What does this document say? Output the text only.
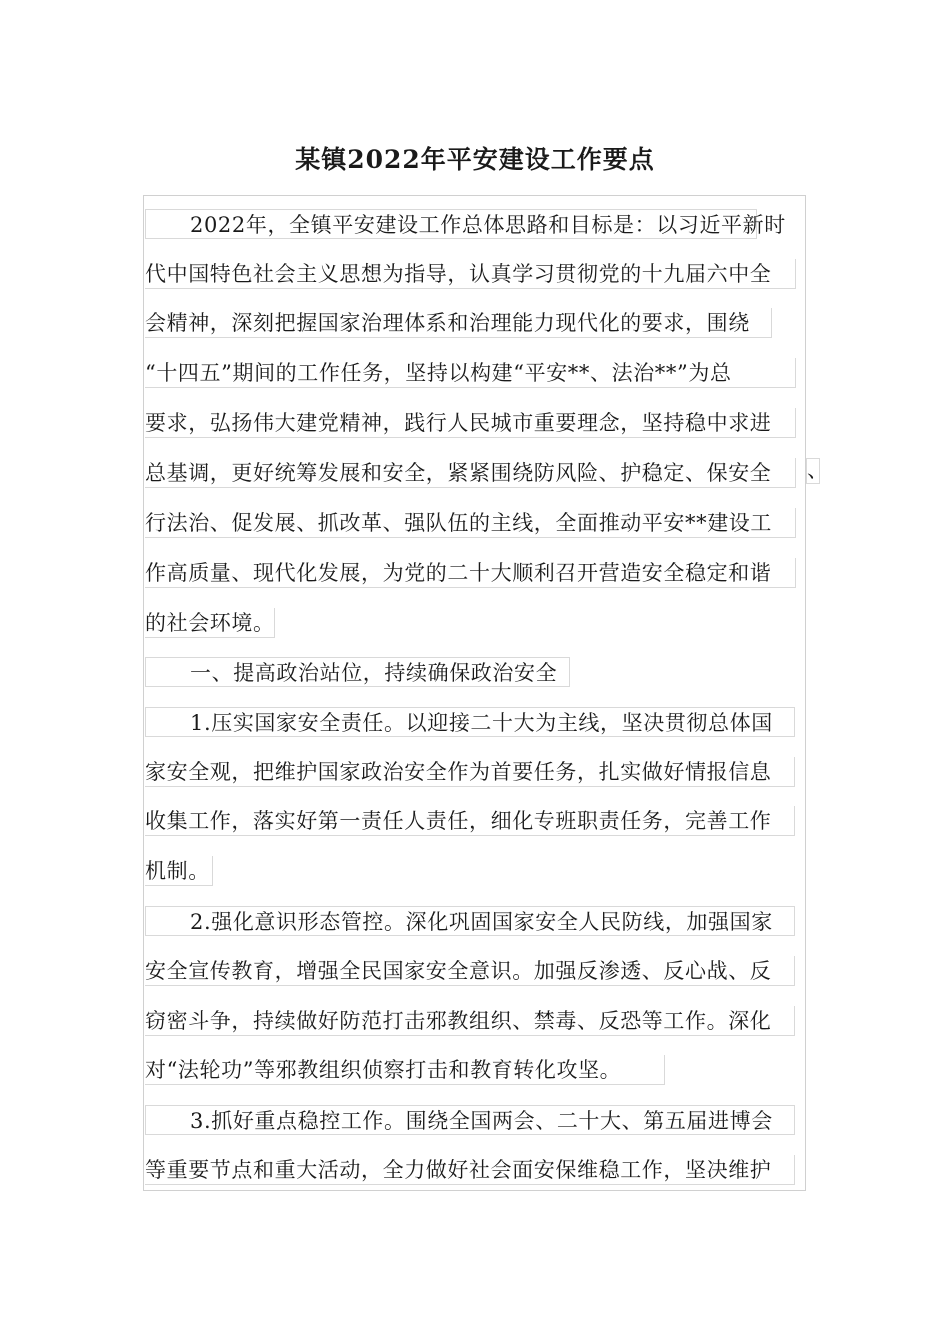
某镇2022年平安建设工作要点
2022年，全镇平安建设工作总体思路和目标是：以习近平新时
代中国特色社会主义思想为指导，认真学习贯彻党的十九届六中全
会精神，深刻把握国家治理体系和治理能力现代化的要求，围绕
“十四五”期间的工作任务，坚持以构建“平安**、法治**”为总
要求，弘扬伟大建党精神，践行人民城市重要理念，坚持稳中求进
总基调，更好统筹发展和安全，紧紧围绕防风险、护稳定、保安全
行法治、促发展、抓改革、强队伍的主线，全面推动平安**建设工
作高质量、现代化发展，为党的二十大顺利召开营造安全稳定和谐
的社会环境。
一、提高政治站位，持续确保政治安全
1.压实国家安全责任。以迎接二十大为主线，坚决贯彻总体国
家安全观，把维护国家政治安全作为首要任务，扎实做好情报信息
收集工作，落实好第一责任人责任，细化专班职责任务，完善工作
机制。
2.强化意识形态管控。深化巩固国家安全人民防线，加强国家
安全宣传教育，增强全民国家安全意识。加强反渗透、反心战、反
窃密斗争，持续做好防范打击邪教组织、禁毒、反恐等工作。深化
对“法轮功”等邪教组织侦察打击和教育转化攻坚。
3.抓好重点稳控工作。围绕全国两会、二十大、第五届进博会
等重要节点和重大活动，全力做好社会面安保维稳工作，坚决维护
、
